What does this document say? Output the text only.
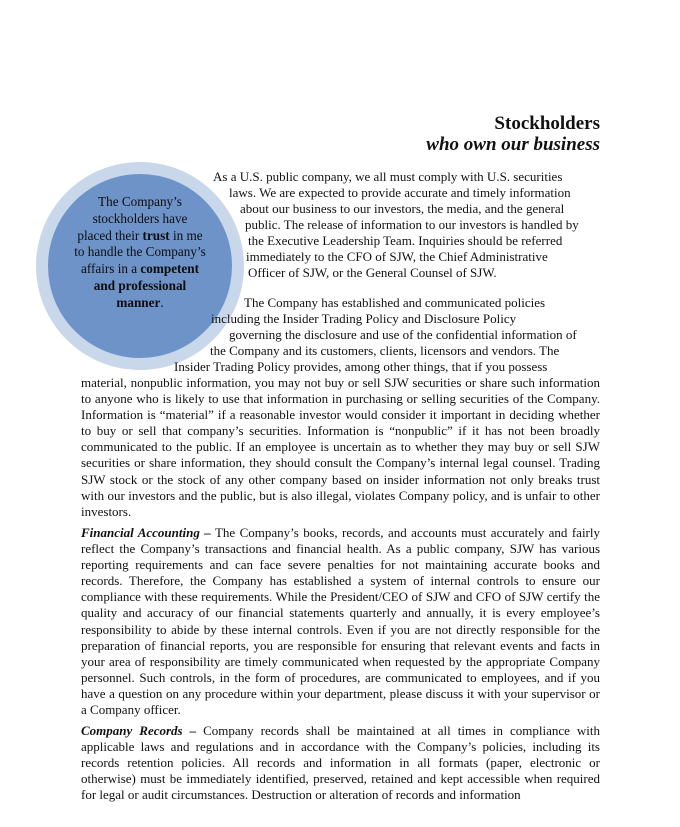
Stockholders
who own our business
The Company’s stockholders have placed their trust in me to handle the Company’s affairs in a competent and professional manner.

As a U.S. public company, we all must comply with U.S. securities

laws. We are expected to provide accurate and timely information

about our business to our investors, the media, and the general

public. The release of information to our investors is handled by

the Executive Leadership Team. Inquiries should be referred

immediately to the CFO of SJW, the Chief Administrative

Officer of SJW, or the General Counsel of SJW.

The Company has established and communicated policies

including the Insider Trading Policy and Disclosure Policy

governing the disclosure and use of the confidential information of

the Company and its customers, clients, licensors and vendors. The

Insider Trading Policy provides, among other things, that if you possess

material, nonpublic information, you may not buy or sell SJW securities or share such information to anyone who is likely to use that information in purchasing or selling securities of the Company. Information is “material” if a reasonable investor would consider it important in deciding whether to buy or sell that company’s securities. Information is “nonpublic” if it has not been broadly communicated to the public. If an employee is uncertain as to whether they may buy or sell SJW securities or share information, they should consult the Company’s internal legal counsel. Trading SJW stock or the stock of any other company based on insider information not only breaks trust with our investors and the public, but is also illegal, violates Company policy, and is unfair to other investors.

Financial Accounting – The Company’s books, records, and accounts must accurately and fairly reflect the Company’s transactions and financial health. As a public company, SJW has various reporting requirements and can face severe penalties for not maintaining accurate books and records. Therefore, the Company has established a system of internal controls to ensure our compliance with these requirements. While the President/CEO of SJW and CFO of SJW certify the quality and accuracy of our financial statements quarterly and annually, it is every employee’s responsibility to abide by these internal controls. Even if you are not directly responsible for the preparation of financial reports, you are responsible for ensuring that relevant events and facts in your area of responsibility are timely communicated when requested by the appropriate Company personnel. Such controls, in the form of procedures, are communicated to employees, and if you have a question on any procedure within your department, please discuss it with your supervisor or a Company officer.

Company Records – Company records shall be maintained at all times in compliance with applicable laws and regulations and in accordance with the Company’s policies, including its records retention policies. All records and information in all formats (paper, electronic or otherwise) must be immediately identified, preserved, retained and kept accessible when required for legal or audit circumstances. Destruction or alteration of records and information
